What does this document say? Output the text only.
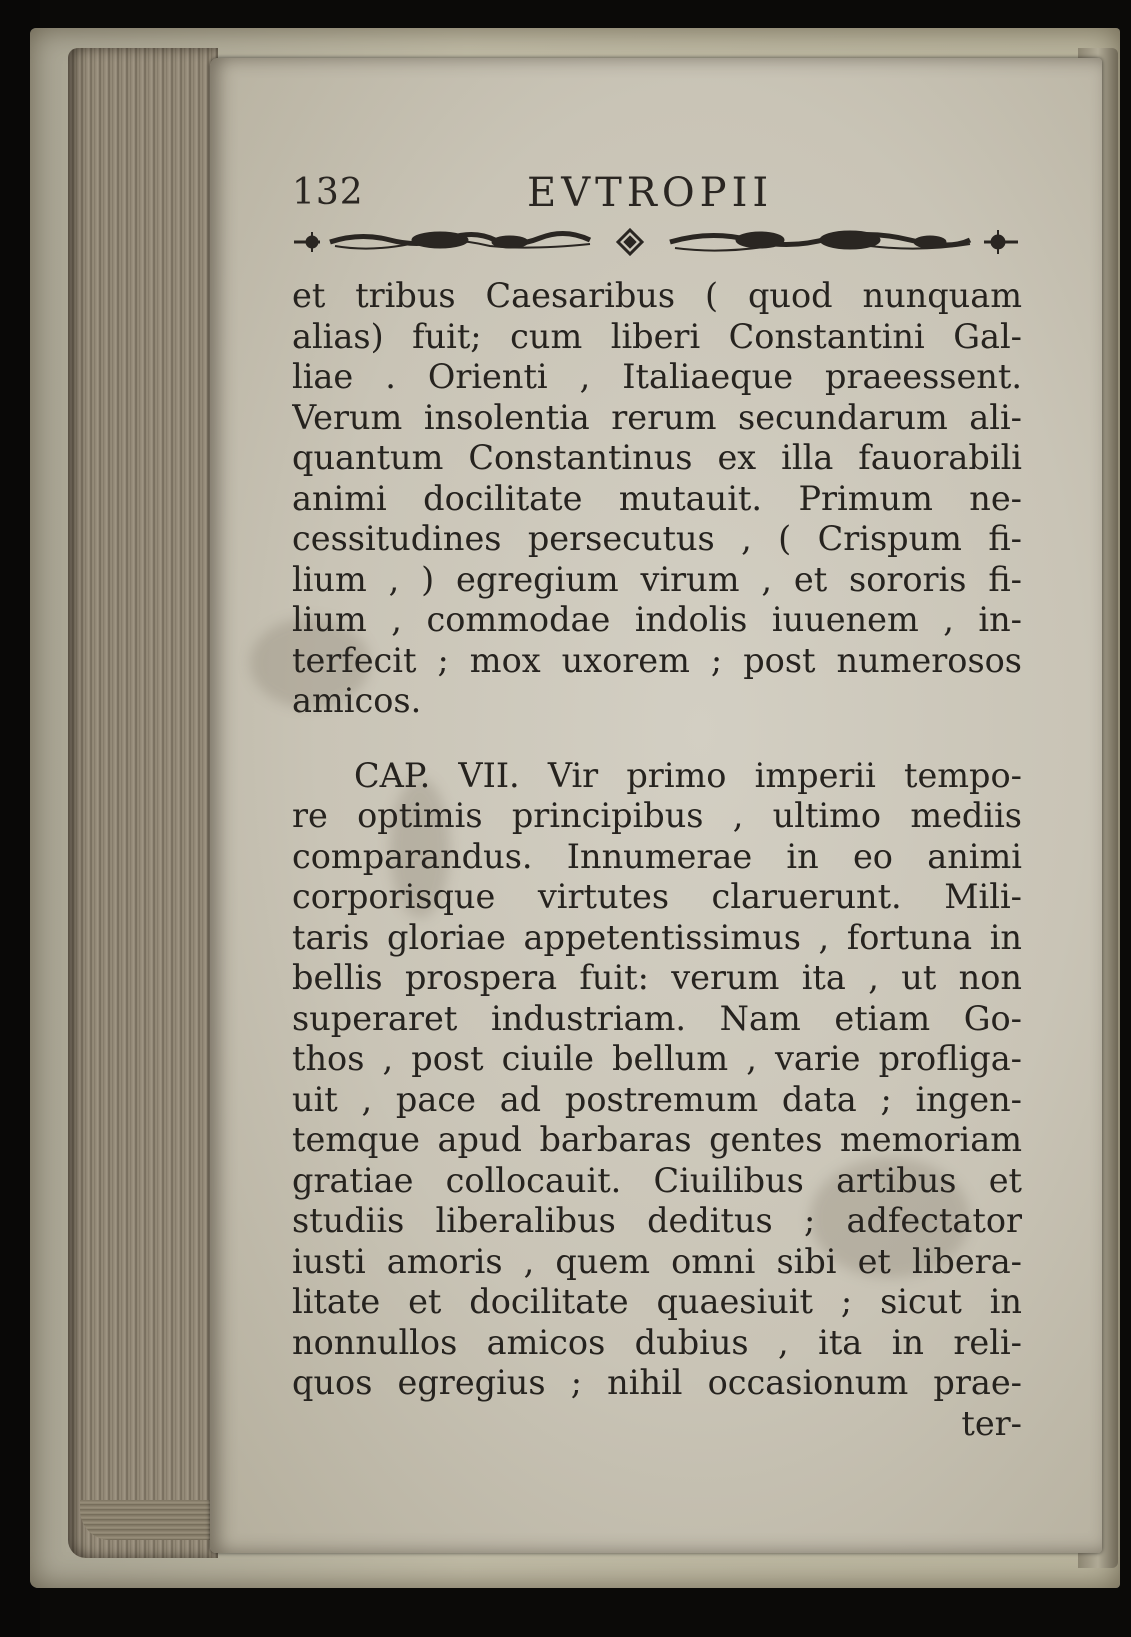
132	EVTROPII
et tribus Caesaribus ( quod nunquam
alias) fuit; cum liberi Constantini Gal-
liae . Orienti , Italiaeque praeessent.
Verum insolentia rerum secundarum ali-
quantum Constantinus ex illa fauorabili
animi docilitate mutauit. Primum ne-
cessitudines persecutus , ( Crispum fi-
lium , ) egregium virum , et sororis fi-
lium , commodae indolis iuuenem , in-
terfecit ; mox uxorem ; post numerosos
amicos.
CAP. VII. Vir primo imperii tempo-
re optimis principibus , ultimo mediis
comparandus. Innumerae in eo animi
corporisque virtutes claruerunt. Mili-
taris gloriae appetentissimus , fortuna in
bellis prospera fuit: verum ita , ut non
superaret industriam. Nam etiam Go-
thos , post ciuile bellum , varie profliga-
uit , pace ad postremum data ; ingen-
temque apud barbaras gentes memoriam
gratiae collocauit. Ciuilibus artibus et
studiis liberalibus deditus ; adfectator
iusti amoris , quem omni sibi et libera-
litate et docilitate quaesiuit ; sicut in
nonnullos amicos dubius , ita in reli-
quos egregius ; nihil occasionum prae-
ter-
